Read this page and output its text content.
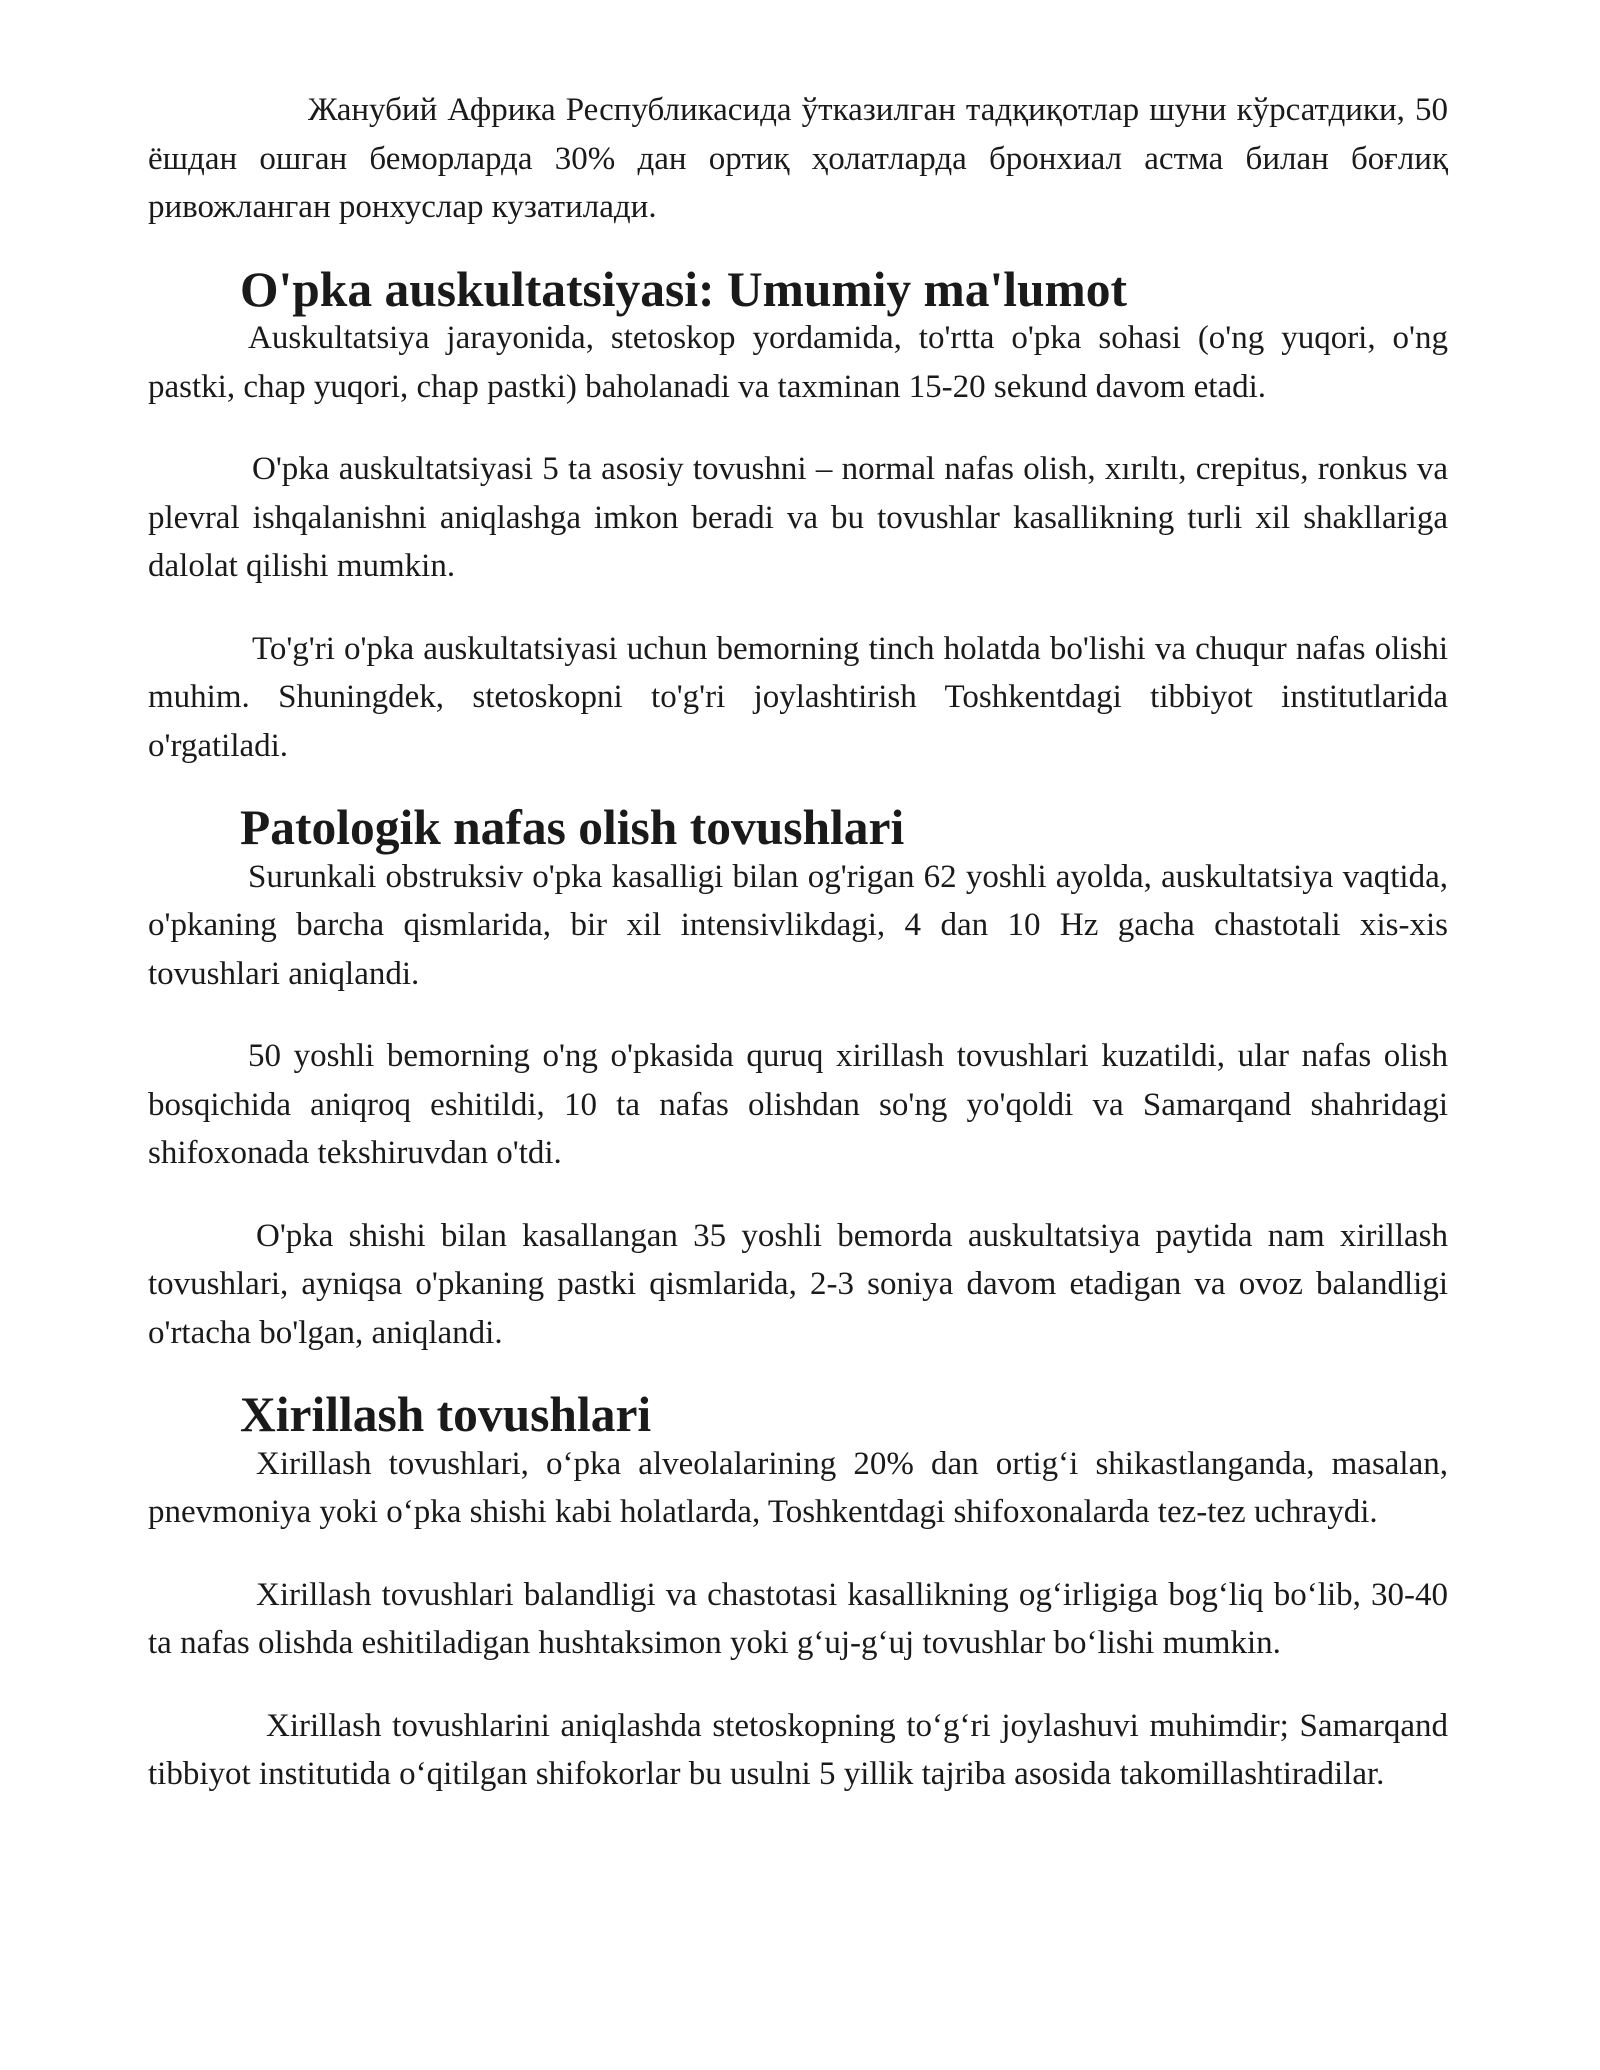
Жанубий Африка Республикасида ўтказилган тадқиқотлар шуни кўрсатдики, 50 ёшдан ошган беморларда 30% дан ортиқ ҳолатларда бронхиал астма билан боғлиқ ривожланган ронхуслар кузатилади.

O'pka auskultatsiyasi: Umumiy ma'lumot

Auskultatsiya jarayonida, stetoskop yordamida, to'rtta o'pka sohasi (o'ng yuqori, o'ng pastki, chap yuqori, chap pastki) baholanadi va taxminan 15-20 sekund davom etadi.

O'pka auskultatsiyasi 5 ta asosiy tovushni – normal nafas olish, xırıltı, crepitus, ronkus va plevral ishqalanishni aniqlashga imkon beradi va bu tovushlar kasallikning turli xil shakllariga dalolat qilishi mumkin.

To'g'ri o'pka auskultatsiyasi uchun bemorning tinch holatda bo'lishi va chuqur nafas olishi muhim. Shuningdek, stetoskopni to'g'ri joylashtirish Toshkentdagi tibbiyot institutlarida o'rgatiladi.

Patologik nafas olish tovushlari

Surunkali obstruksiv o'pka kasalligi bilan og'rigan 62 yoshli ayolda, auskultatsiya vaqtida, o'pkaning barcha qismlarida, bir xil intensivlikdagi, 4 dan 10 Hz gacha chastotali xis-xis tovushlari aniqlandi.

50 yoshli bemorning o'ng o'pkasida quruq xirillash tovushlari kuzatildi, ular nafas olish bosqichida aniqroq eshitildi, 10 ta nafas olishdan so'ng yo'qoldi va Samarqand shahridagi shifoxonada tekshiruvdan o'tdi.

O'pka shishi bilan kasallangan 35 yoshli bemorda auskultatsiya paytida nam xirillash tovushlari, ayniqsa o'pkaning pastki qismlarida, 2-3 soniya davom etadigan va ovoz balandligi o'rtacha bo'lgan, aniqlandi.

Xirillash tovushlari

Xirillash tovushlari, oʻpka alveolalarining 20% dan ortigʻi shikastlanganda, masalan, pnevmoniya yoki oʻpka shishi kabi holatlarda, Toshkentdagi shifoxonalarda tez-tez uchraydi.

Xirillash tovushlari balandligi va chastotasi kasallikning ogʻirligiga bogʻliq boʻlib, 30-40 ta nafas olishda eshitiladigan hushtaksimon yoki gʻuj-gʻuj tovushlar boʻlishi mumkin.

Xirillash tovushlarini aniqlashda stetoskopning toʻgʻri joylashuvi muhimdir; Samarqand tibbiyot institutida oʻqitilgan shifokorlar bu usulni 5 yillik tajriba asosida takomillashtiradilar.
